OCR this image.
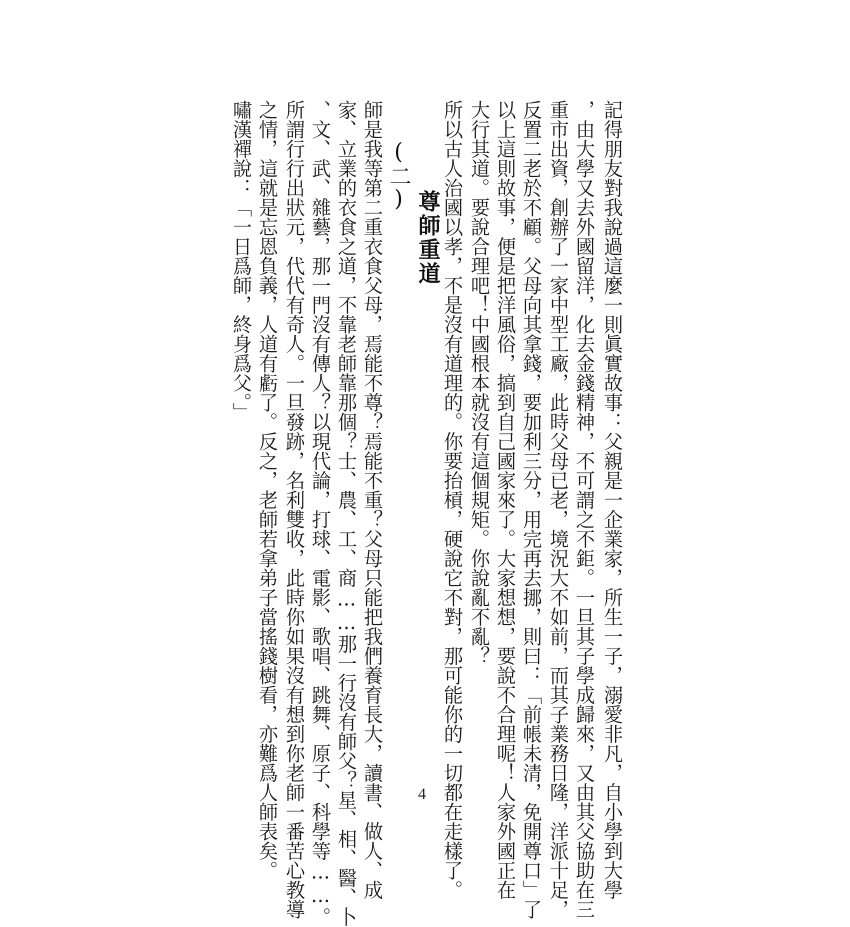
記得朋友對我說過這麼一則眞實故事：父親是一企業家，所生一子，溺愛非凡，自小學到大學
，由大學又去外國留洋，化去金錢精神，不可謂之不鉅。一旦其子學成歸來，又由其父協助在三
重市出資，創辦了一家中型工廠，此時父母已老，境況大不如前，而其子業務日隆，洋派十足，
反置二老於不顧。父母向其拿錢，要加利三分，用完再去挪，則曰：「前帳未清，免開尊口」了
以上這則故事，便是把洋風俗，搞到自己國家來了。大家想想，要說不合理呢！人家外國正在
大行其道。要說合理吧！中國根本就沒有這個規矩。你說亂不亂？
所以古人治國以孝，不是沒有道理的。你要抬槓，硬說它不對，那可能你的一切都在走樣了。
尊師重道
(二)
師是我等第二重衣食父母，焉能不尊？焉能不重？父母只能把我們養育長大，讀書、做人、成
家、立業的衣食之道，不靠老師靠那個？士、農、工、商……那一行沒有師父？星、相、醫、卜
、文、武、雜藝，那一門沒有傳人？以現代論，打球、電影、歌唱、跳舞、原子、科學等……。
所謂行行出狀元，代代有奇人。一旦發跡，名利雙收，此時你如果沒有想到你老師一番苦心教導
之情，這就是忘恩負義，人道有虧了。反之，老師若拿弟子當搖錢樹看，亦難爲人師表矣。
嘯漢禪說：「一日爲師，終身爲父。」
4
